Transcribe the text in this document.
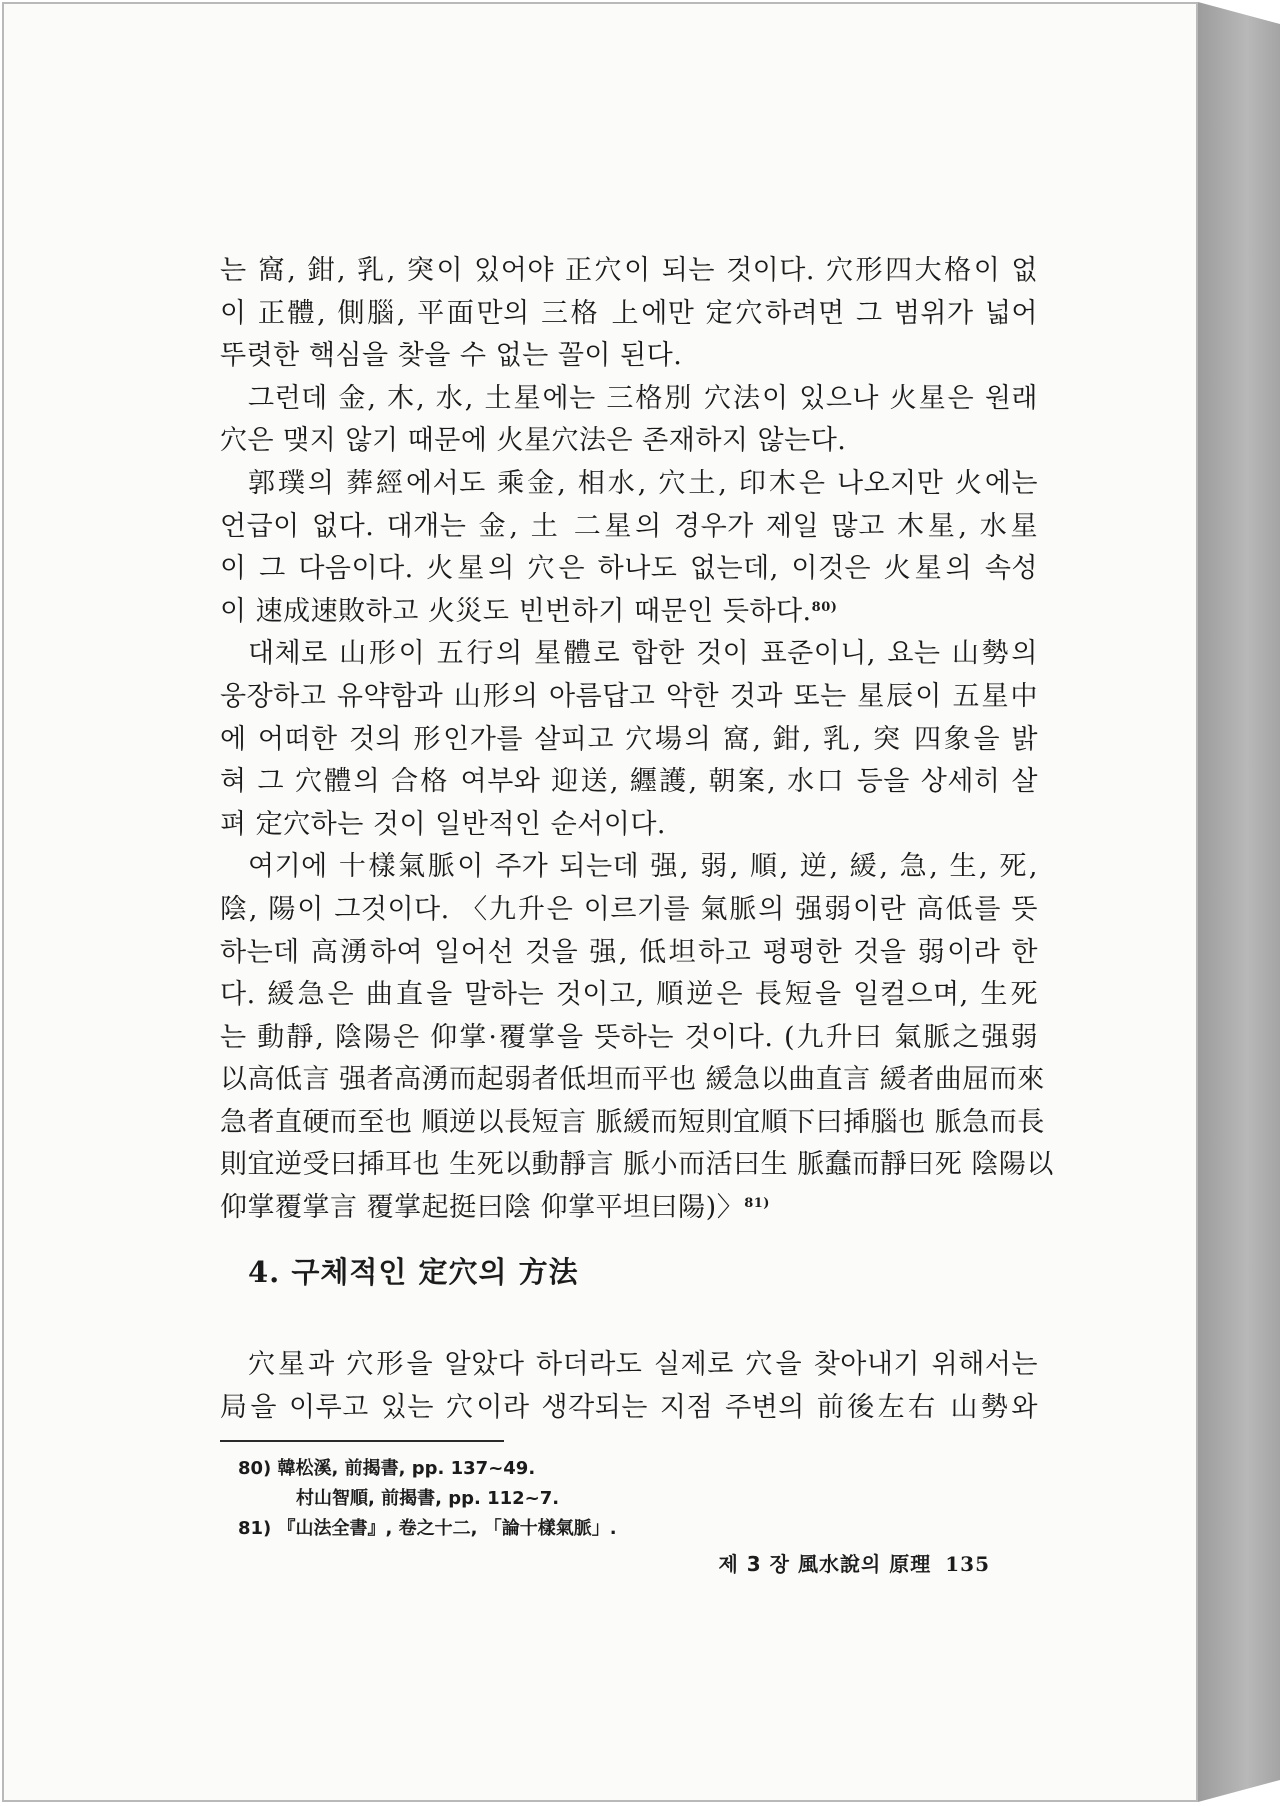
는 窩, 鉗, 乳, 突이 있어야 正穴이 되는 것이다. 穴形四大格이 없
이 正體, 側腦, 平面만의 三格 上에만 定穴하려면 그 범위가 넓어
뚜렷한 핵심을 찾을 수 없는 꼴이 된다.

그런데 金, 木, 水, 土星에는 三格別 穴法이 있으나 火星은 원래
穴은 맺지 않기 때문에 火星穴法은 존재하지 않는다.

郭璞의 葬經에서도 乘金, 相水, 穴土, 印木은 나오지만 火에는
언급이 없다. 대개는 金, 土 二星의 경우가 제일 많고 木星, 水星
이 그 다음이다. 火星의 穴은 하나도 없는데, 이것은 火星의 속성
이 速成速敗하고 火災도 빈번하기 때문인 듯하다.$^{80)}$

대체로 山形이 五行의 星體로 합한 것이 표준이니, 요는 山勢의
웅장하고 유약함과 山形의 아름답고 악한 것과 또는 星辰이 五星中
에 어떠한 것의 形인가를 살피고 穴場의 窩, 鉗, 乳, 突 四象을 밝
혀 그 穴體의 合格 여부와 迎送, 纒護, 朝案, 水口 등을 상세히 살
펴 定穴하는 것이 일반적인 순서이다.

여기에 十樣氣脈이 주가 되는데 强, 弱, 順, 逆, 緩, 急, 生, 死,
陰, 陽이 그것이다. 〈九升은 이르기를 氣脈의 强弱이란 高低를 뜻
하는데 高湧하여 일어선 것을 强, 低坦하고 평평한 것을 弱이라 한
다. 緩急은 曲直을 말하는 것이고, 順逆은 長短을 일컬으며, 生死
는 動靜, 陰陽은 仰掌·覆掌을 뜻하는 것이다. (九升曰 氣脈之强弱
以高低言 强者高湧而起弱者低坦而平也 緩急以曲直言 緩者曲屈而來
急者直硬而至也 順逆以長短言 脈緩而短則宜順下曰揷腦也 脈急而長
則宜逆受曰揷耳也 生死以動靜言 脈小而活曰生 脈蠢而靜曰死 陰陽以
仰掌覆掌言 覆掌起挺曰陰 仰掌平坦曰陽)〉$^{81)}$

4. 구체적인 定穴의 方法

穴星과 穴形을 알았다 하더라도 실제로 穴을 찾아내기 위해서는
局을 이루고 있는 穴이라 생각되는 지점 주변의 前後左右 山勢와

80) 韓松溪, 前揭書, pp. 137~49.
村山智順, 前揭書, pp. 112~7.
81) 『山法全書』, 卷之十二, 「論十樣氣脈」.
제 3 장 風水說의 原理 135
